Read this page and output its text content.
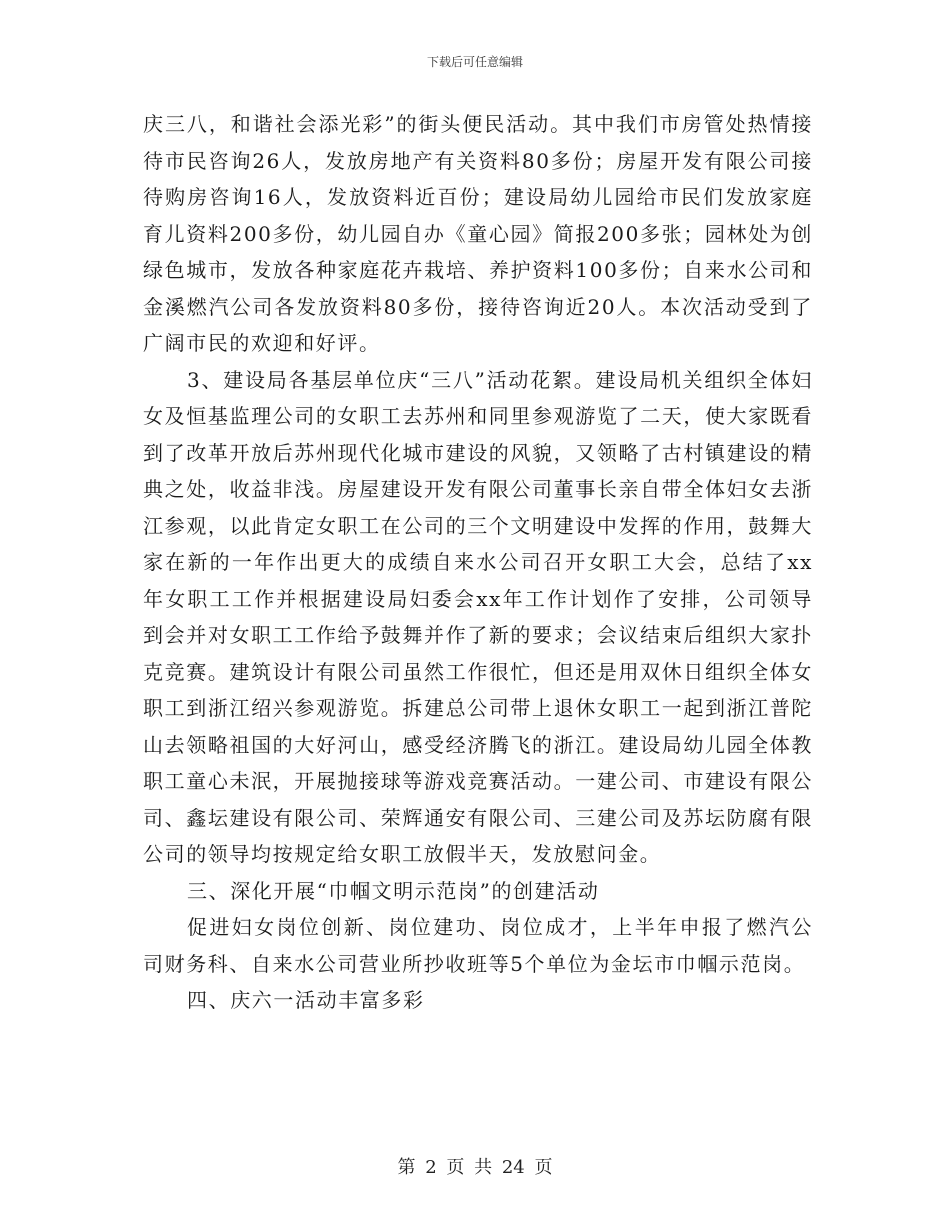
下载后可任意编辑

庆三八，和谐社会添光彩”的街头便民活动。其中我们市房管处热情接待市民咨询26人，发放房地产有关资料80多份；房屋开发有限公司接待购房咨询16人，发放资料近百份；建设局幼儿园给市民们发放家庭育儿资料200多份，幼儿园自办《童心园》简报200多张；园林处为创绿色城市，发放各种家庭花卉栽培、养护资料100多份；自来水公司和金溪燃汽公司各发放资料80多份，接待咨询近20人。本次活动受到了广阔市民的欢迎和好评。

3、建设局各基层单位庆“三八”活动花絮。建设局机关组织全体妇女及恒基监理公司的女职工去苏州和同里参观游览了二天，使大家既看到了改革开放后苏州现代化城市建设的风貌，又领略了古村镇建设的精典之处，收益非浅。房屋建设开发有限公司董事长亲自带全体妇女去浙江参观，以此肯定女职工在公司的三个文明建设中发挥的作用，鼓舞大家在新的一年作出更大的成绩自来水公司召开女职工大会，总结了xx年女职工工作并根据建设局妇委会xx年工作计划作了安排，公司领导到会并对女职工工作给予鼓舞并作了新的要求；会议结束后组织大家扑克竞赛。建筑设计有限公司虽然工作很忙，但还是用双休日组织全体女职工到浙江绍兴参观游览。拆建总公司带上退休女职工一起到浙江普陀山去领略祖国的大好河山，感受经济腾飞的浙江。建设局幼儿园全体教职工童心未泯，开展抛接球等游戏竞赛活动。一建公司、市建设有限公司、鑫坛建设有限公司、荣辉通安有限公司、三建公司及苏坛防腐有限公司的领导均按规定给女职工放假半天，发放慰问金。

三、深化开展“巾帼文明示范岗”的创建活动

促进妇女岗位创新、岗位建功、岗位成才，上半年申报了燃汽公司财务科、自来水公司营业所抄收班等5个单位为金坛市巾帼示范岗。

四、庆六一活动丰富多彩

第 2 页 共 24 页
